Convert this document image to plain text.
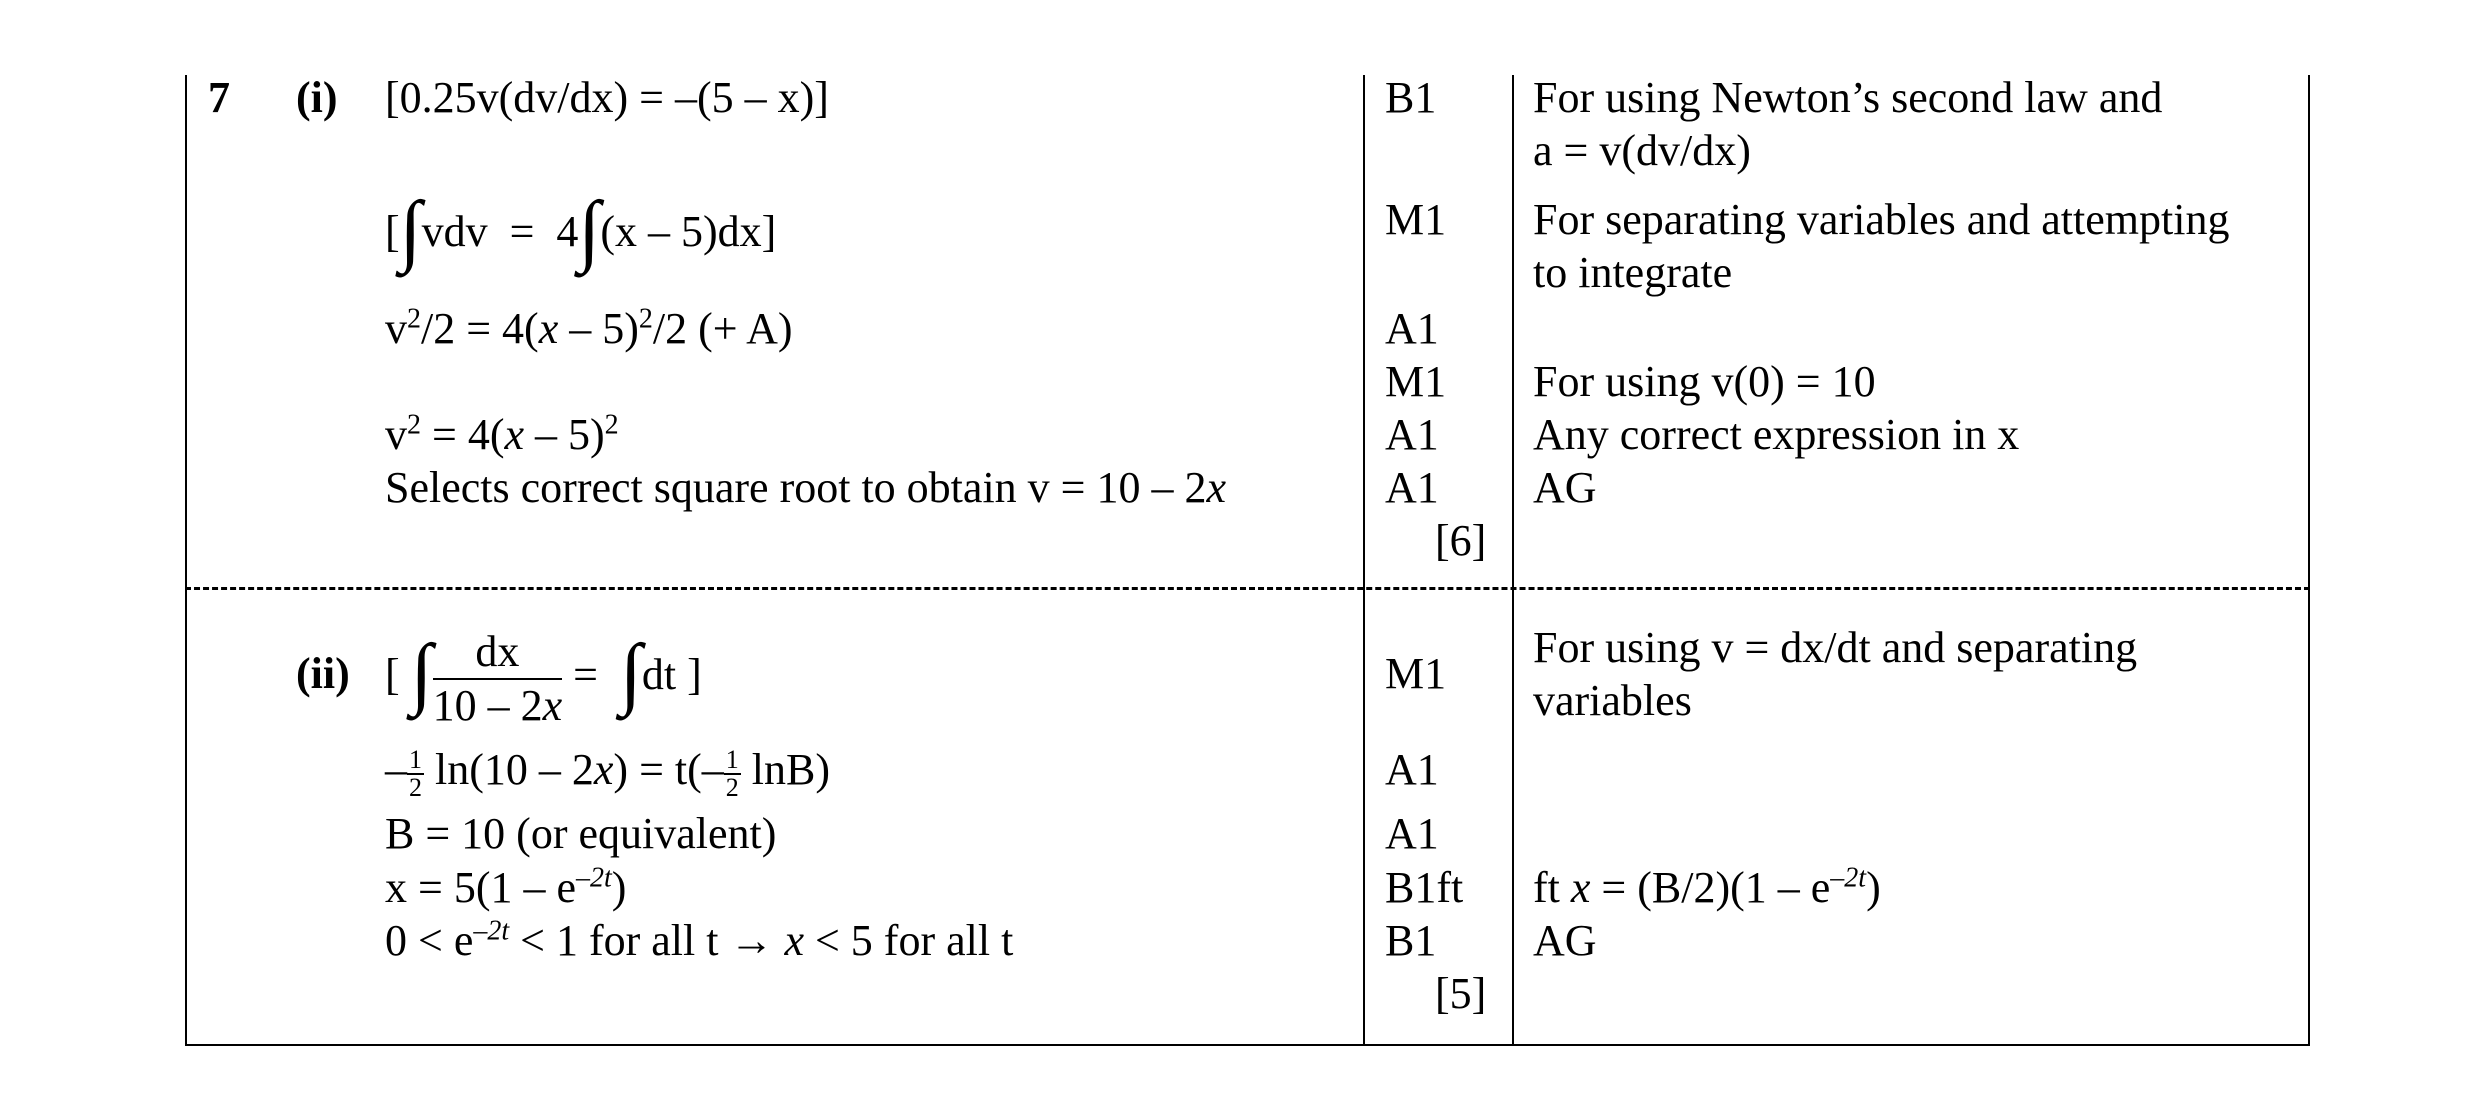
7 (i) [0.25v(dv/dx) = –(5 – x)]
[∫vdv = 4∫(x – 5)dx]
$v^2/2 = 4(x - 5)^2/2$ (+ A)
$v^2 = 4(x - 5)^2$
Selects correct square root to obtain v = 10 – 2x
B1
M1
A1
M1
A1
A1
[6]
For using Newton’s second law and
a = v(dv/dx)
For separating variables and attempting
to integrate
For using v(0) = 10
Any correct expression in x
AG
(ii) [ ∫ $\frac{dx}{10 - 2x} = \int dt$ ]
– $\frac{1}{2} \ln(10 - 2x) = t(- \frac{1}{2} \ln B)$
B = 10 (or equivalent)
$x = 5(1 - e^{-2t})$
$0 < e^{-2t} < 1$ for all t → x < 5 for all t
M1
A1
A1
B1ft
B1
[5]
For using v = dx/dt and separating
variables
ft $x = (B/2)(1 - e^{-2t})$
AG
